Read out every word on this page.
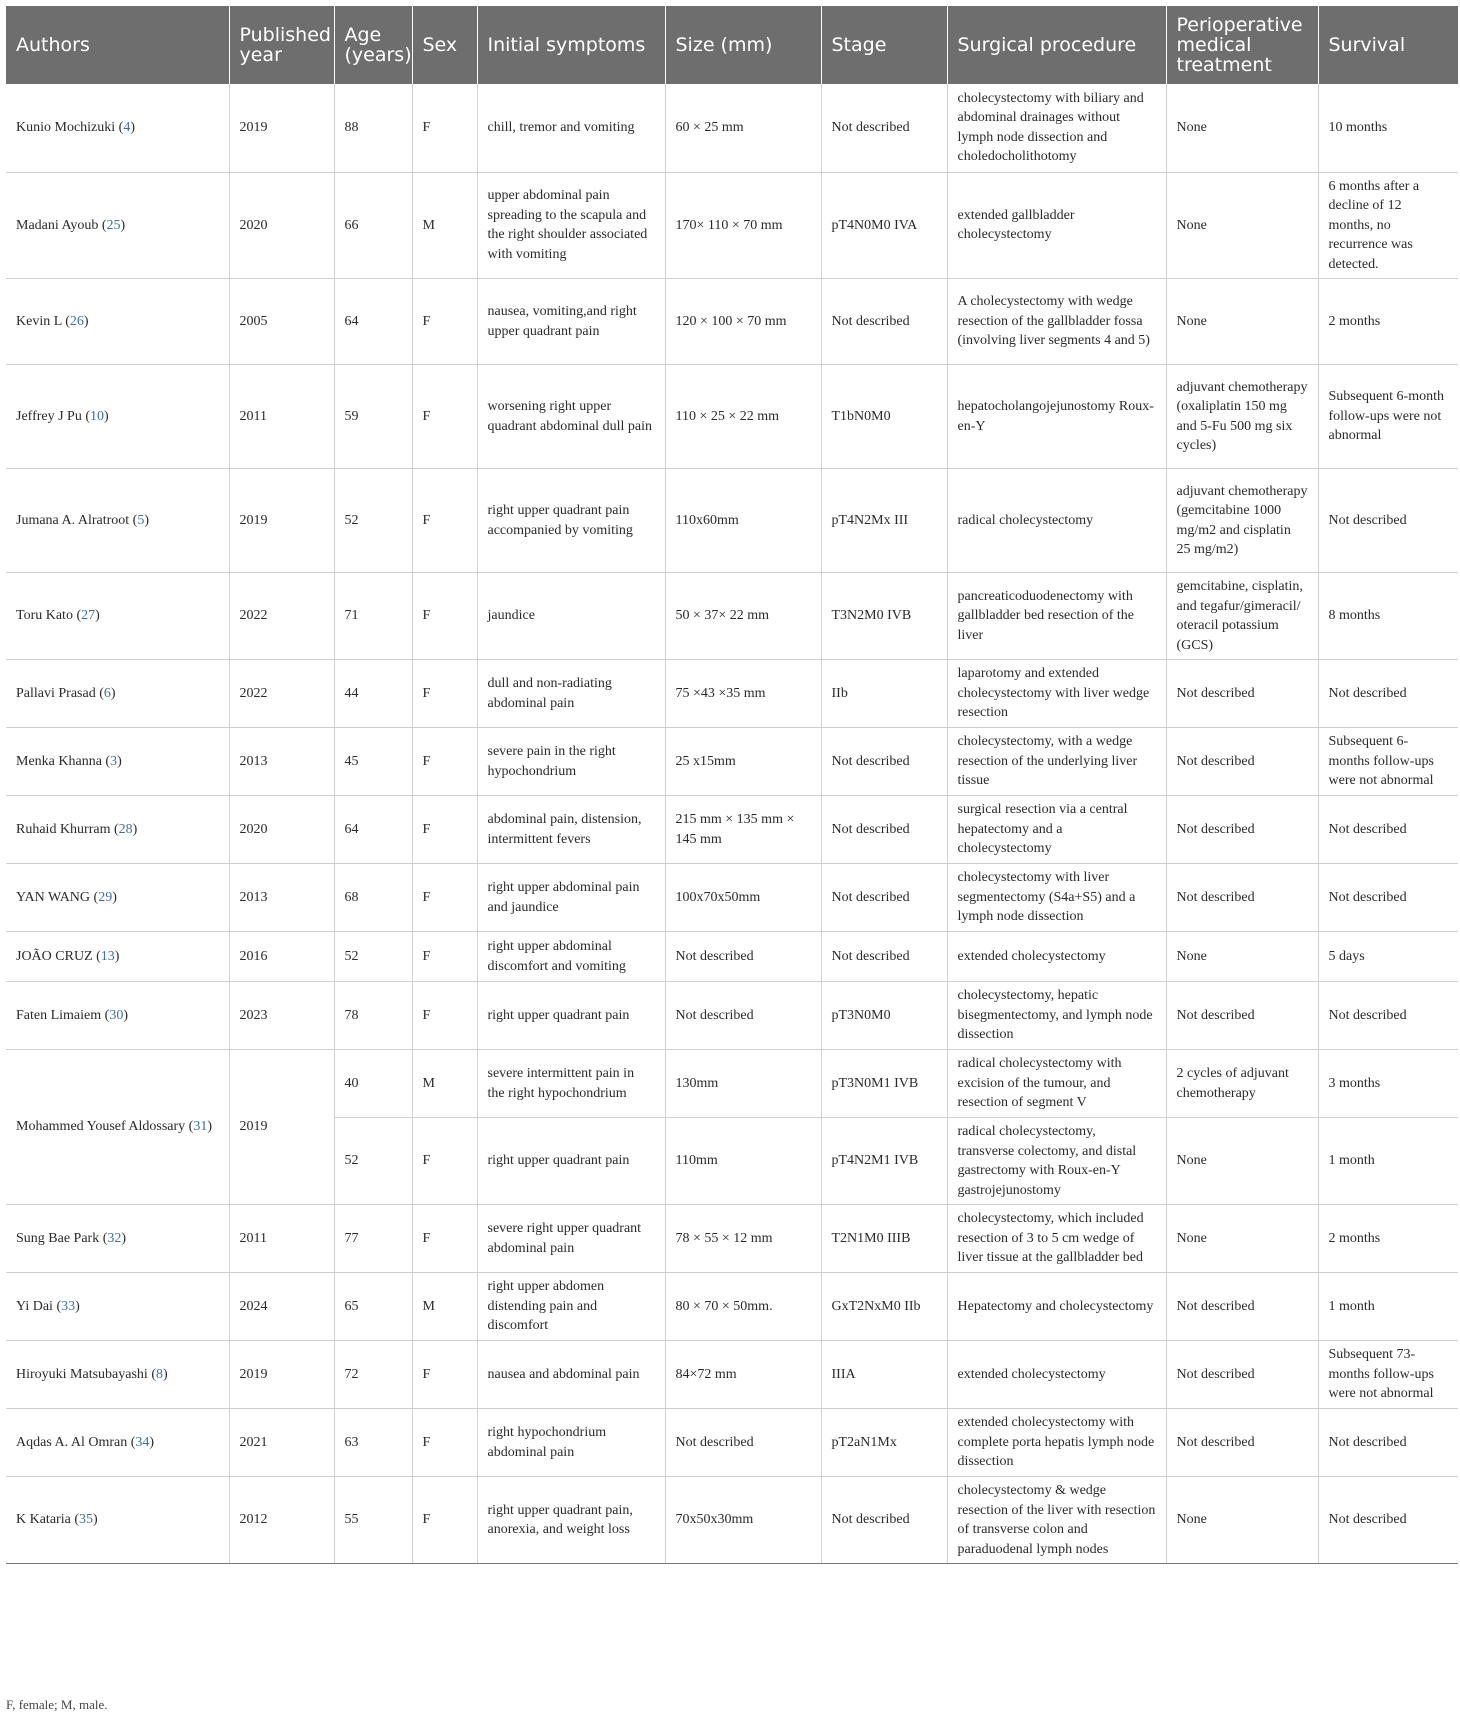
Authors	Published year	Age (years)	Sex	Initial symptoms	Size (mm)	Stage	Surgical procedure	Perioperative medical treatment	Survival
Kunio Mochizuki (4)	2019	88	F	chill, tremor and vomiting	60 × 25 mm	Not described	cholecystectomy with biliary and abdominal drainages without lymph node dissection and choledocholithotomy	None	10 months
Madani Ayoub (25)	2020	66	M	upper abdominal pain spreading to the scapula and the right shoulder associated with vomiting	170× 110 × 70 mm	pT4N0M0 IVA	extended gallbladder cholecystectomy	None	6 months after a decline of 12 months, no recurrence was detected.
Kevin L (26)	2005	64	F	nausea, vomiting,and right upper quadrant pain	120 × 100 × 70 mm	Not described	A cholecystectomy with wedge resection of the gallbladder fossa (involving liver segments 4 and 5)	None	2 months
Jeffrey J Pu (10)	2011	59	F	worsening right upper quadrant abdominal dull pain	110 × 25 × 22 mm	T1bN0M0	hepatocholangojejunostomy Roux-en-Y	adjuvant chemotherapy (oxaliplatin 150 mg and 5-Fu 500 mg six cycles)	Subsequent 6-month follow-ups were not abnormal
Jumana A. Alratroot (5)	2019	52	F	right upper quadrant pain accompanied by vomiting	110x60mm	pT4N2Mx III	radical cholecystectomy	adjuvant chemotherapy (gemcitabine 1000 mg/m2 and cisplatin 25 mg/m2)	Not described
Toru Kato (27)	2022	71	F	jaundice	50 × 37× 22 mm	T3N2M0 IVB	pancreaticoduodenectomy with gallbladder bed resection of the liver	gemcitabine, cisplatin, and tegafur/gimeracil/ oteracil potassium (GCS)	8 months
Pallavi Prasad (6)	2022	44	F	dull and non-radiating abdominal pain	75 ×43 ×35 mm	IIb	laparotomy and extended cholecystectomy with liver wedge resection	Not described	Not described
Menka Khanna (3)	2013	45	F	severe pain in the right hypochondrium	25 x15mm	Not described	cholecystectomy, with a wedge resection of the underlying liver tissue	Not described	Subsequent 6-months follow-ups were not abnormal
Ruhaid Khurram (28)	2020	64	F	abdominal pain, distension, intermittent fevers	215 mm × 135 mm × 145 mm	Not described	surgical resection via a central hepatectomy and a cholecystectomy	Not described	Not described
YAN WANG (29)	2013	68	F	right upper abdominal pain and jaundice	100x70x50mm	Not described	cholecystectomy with liver segmentectomy (S4a+S5) and a lymph node dissection	Not described	Not described
JOÃO CRUZ (13)	2016	52	F	right upper abdominal discomfort and vomiting	Not described	Not described	extended cholecystectomy	None	5 days
Faten Limaiem (30)	2023	78	F	right upper quadrant pain	Not described	pT3N0M0	cholecystectomy, hepatic bisegmentectomy, and lymph node dissection	Not described	Not described
Mohammed Yousef Aldossary (31)	2019	40	M	severe intermittent pain in the right hypochondrium	130mm	pT3N0M1 IVB	radical cholecystectomy with excision of the tumour, and resection of segment V	2 cycles of adjuvant chemotherapy	3 months
		52	F	right upper quadrant pain	110mm	pT4N2M1 IVB	radical cholecystectomy, transverse colectomy, and distal gastrectomy with Roux-en-Y gastrojejunostomy	None	1 month
Sung Bae Park (32)	2011	77	F	severe right upper quadrant abdominal pain	78 × 55 × 12 mm	T2N1M0 IIIB	cholecystectomy, which included resection of 3 to 5 cm wedge of liver tissue at the gallbladder bed	None	2 months
Yi Dai (33)	2024	65	M	right upper abdomen distending pain and discomfort	80 × 70 × 50mm.	GxT2NxM0 IIb	Hepatectomy and cholecystectomy	Not described	1 month
Hiroyuki Matsubayashi (8)	2019	72	F	nausea and abdominal pain	84×72 mm	IIIA	extended cholecystectomy	Not described	Subsequent 73-months follow-ups were not abnormal
Aqdas A. Al Omran (34)	2021	63	F	right hypochondrium abdominal pain	Not described	pT2aN1Mx	extended cholecystectomy with complete porta hepatis lymph node dissection	Not described	Not described
K Kataria (35)	2012	55	F	right upper quadrant pain, anorexia, and weight loss	70x50x30mm	Not described	cholecystectomy & wedge resection of the liver with resection of transverse colon and paraduodenal lymph nodes	None	Not described
F, female; M, male.
